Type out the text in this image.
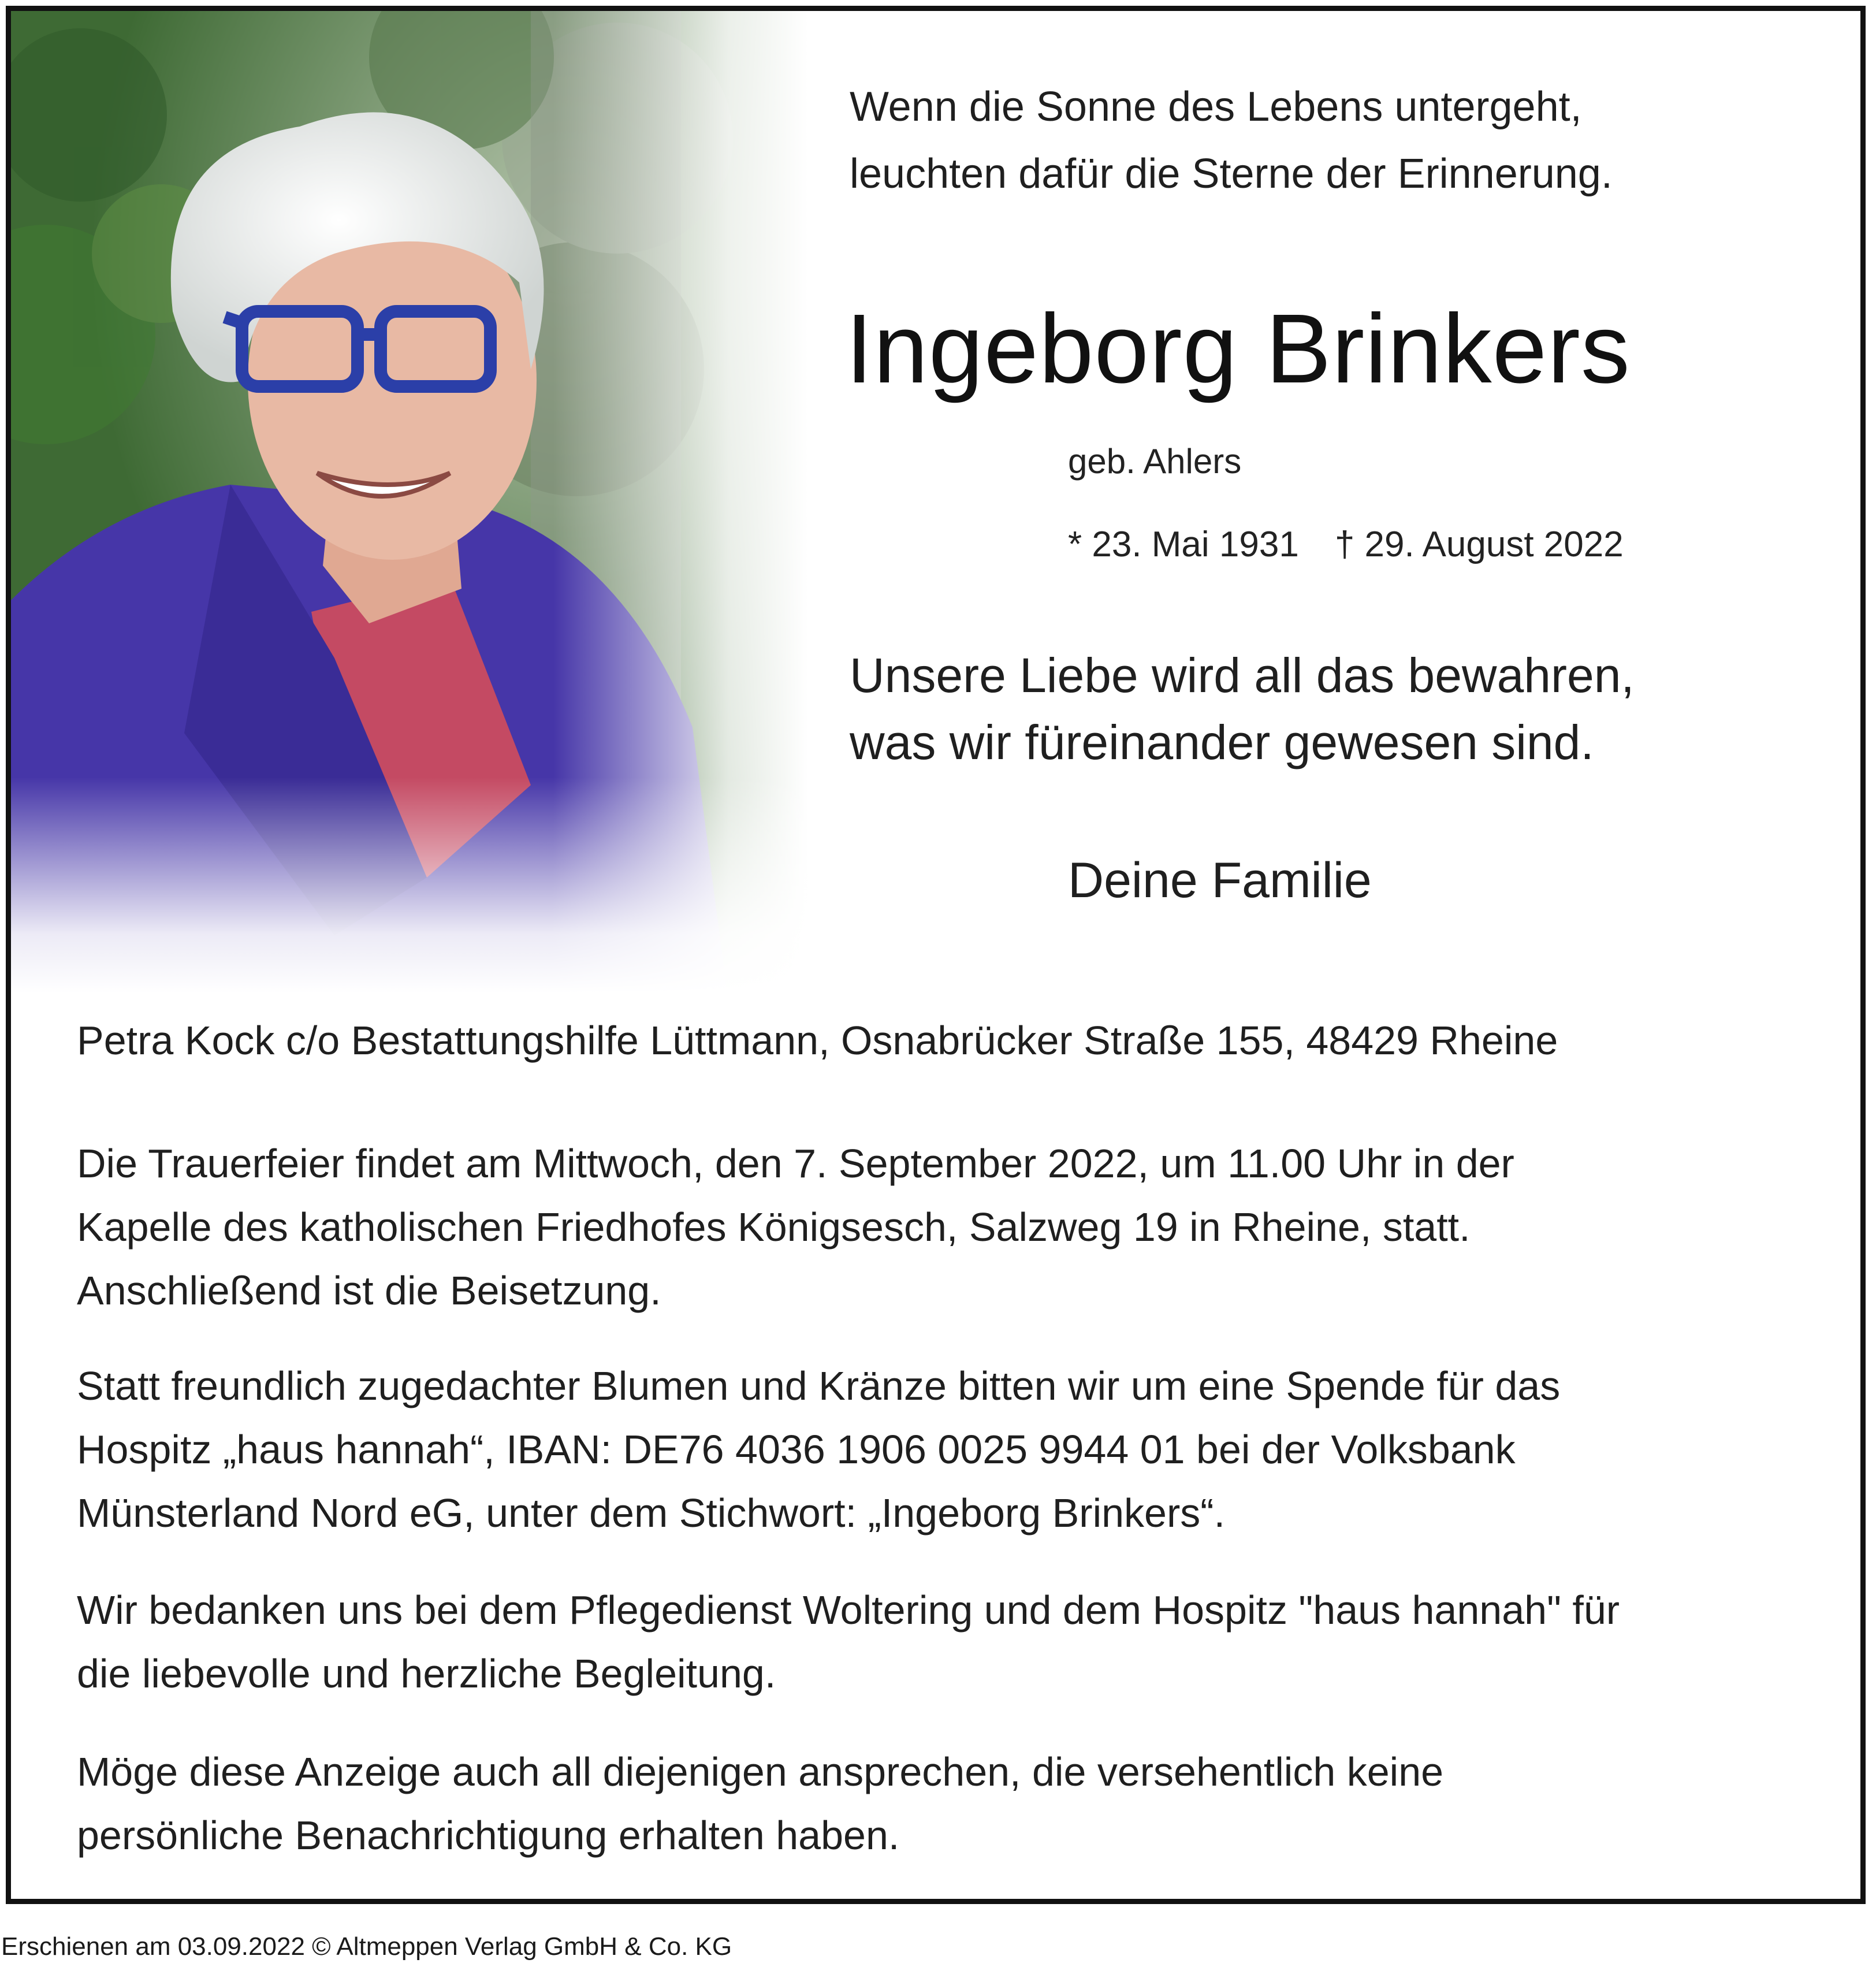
Wenn die Sonne des Lebens untergeht,
leuchten dafür die Sterne der Erinnerung.
Ingeborg Brinkers
geb. Ahlers
* 23. Mai 1931 † 29. August 2022
Unsere Liebe wird all das bewahren,
was wir füreinander gewesen sind.
Deine Familie
Petra Kock c/o Bestattungshilfe Lüttmann, Osnabrücker Straße 155, 48429 Rheine
Die Trauerfeier findet am Mittwoch, den 7. September 2022, um 11.00 Uhr in der
Kapelle des katholischen Friedhofes Königsesch, Salzweg 19 in Rheine, statt.
Anschließend ist die Beisetzung.
Statt freundlich zugedachter Blumen und Kränze bitten wir um eine Spende für das
Hospitz „haus hannah“, IBAN: DE76 4036 1906 0025 9944 01 bei der Volksbank
Münsterland Nord eG, unter dem Stichwort: „Ingeborg Brinkers“.
Wir bedanken uns bei dem Pflegedienst Woltering und dem Hospitz "haus hannah" für
die liebevolle und herzliche Begleitung.
Möge diese Anzeige auch all diejenigen ansprechen, die versehentlich keine
persönliche Benachrichtigung erhalten haben.
Erschienen am 03.09.2022 © Altmeppen Verlag GmbH & Co. KG
